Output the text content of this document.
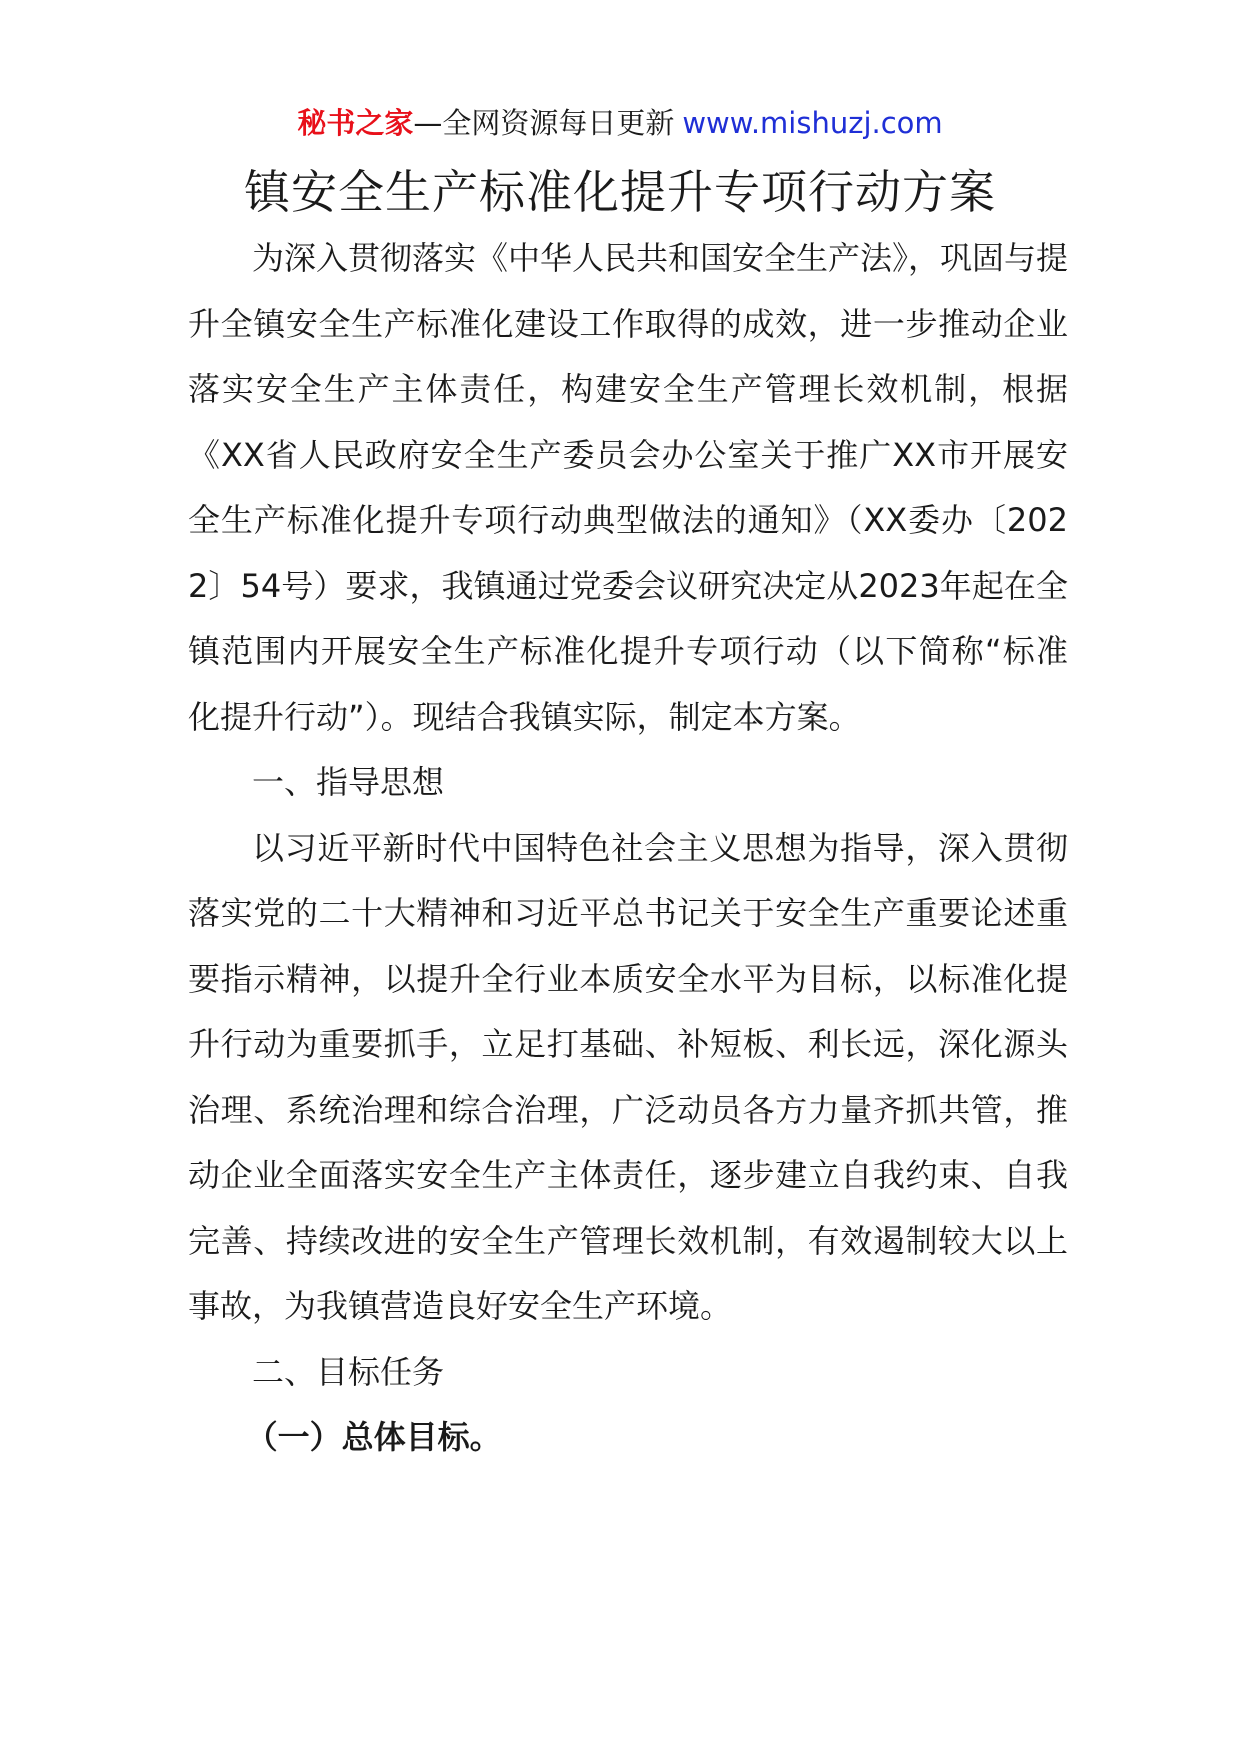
秘书之家—全网资源每日更新 www.mishuzj.com
镇安全生产标准化提升专项行动方案

为深入贯彻落实《中华人民共和国安全生产法》，巩固与提升全镇安全生产标准化建设工作取得的成效，进一步推动企业落实安全生产主体责任，构建安全生产管理长效机制，根据《XX省人民政府安全生产委员会办公室关于推广XX市开展安全生产标准化提升专项行动典型做法的通知》（XX委办〔2022〕54号）要求，我镇通过党委会议研究决定从2023年起在全镇范围内开展安全生产标准化提升专项行动（以下简称“标准化提升行动”）。现结合我镇实际，制定本方案。

一、指导思想

以习近平新时代中国特色社会主义思想为指导，深入贯彻落实党的二十大精神和习近平总书记关于安全生产重要论述重要指示精神，以提升全行业本质安全水平为目标，以标准化提升行动为重要抓手，立足打基础、补短板、利长远，深化源头治理、系统治理和综合治理，广泛动员各方力量齐抓共管，推动企业全面落实安全生产主体责任，逐步建立自我约束、自我完善、持续改进的安全生产管理长效机制，有效遏制较大以上事故，为我镇营造良好安全生产环境。

二、目标任务

（一）总体目标。
